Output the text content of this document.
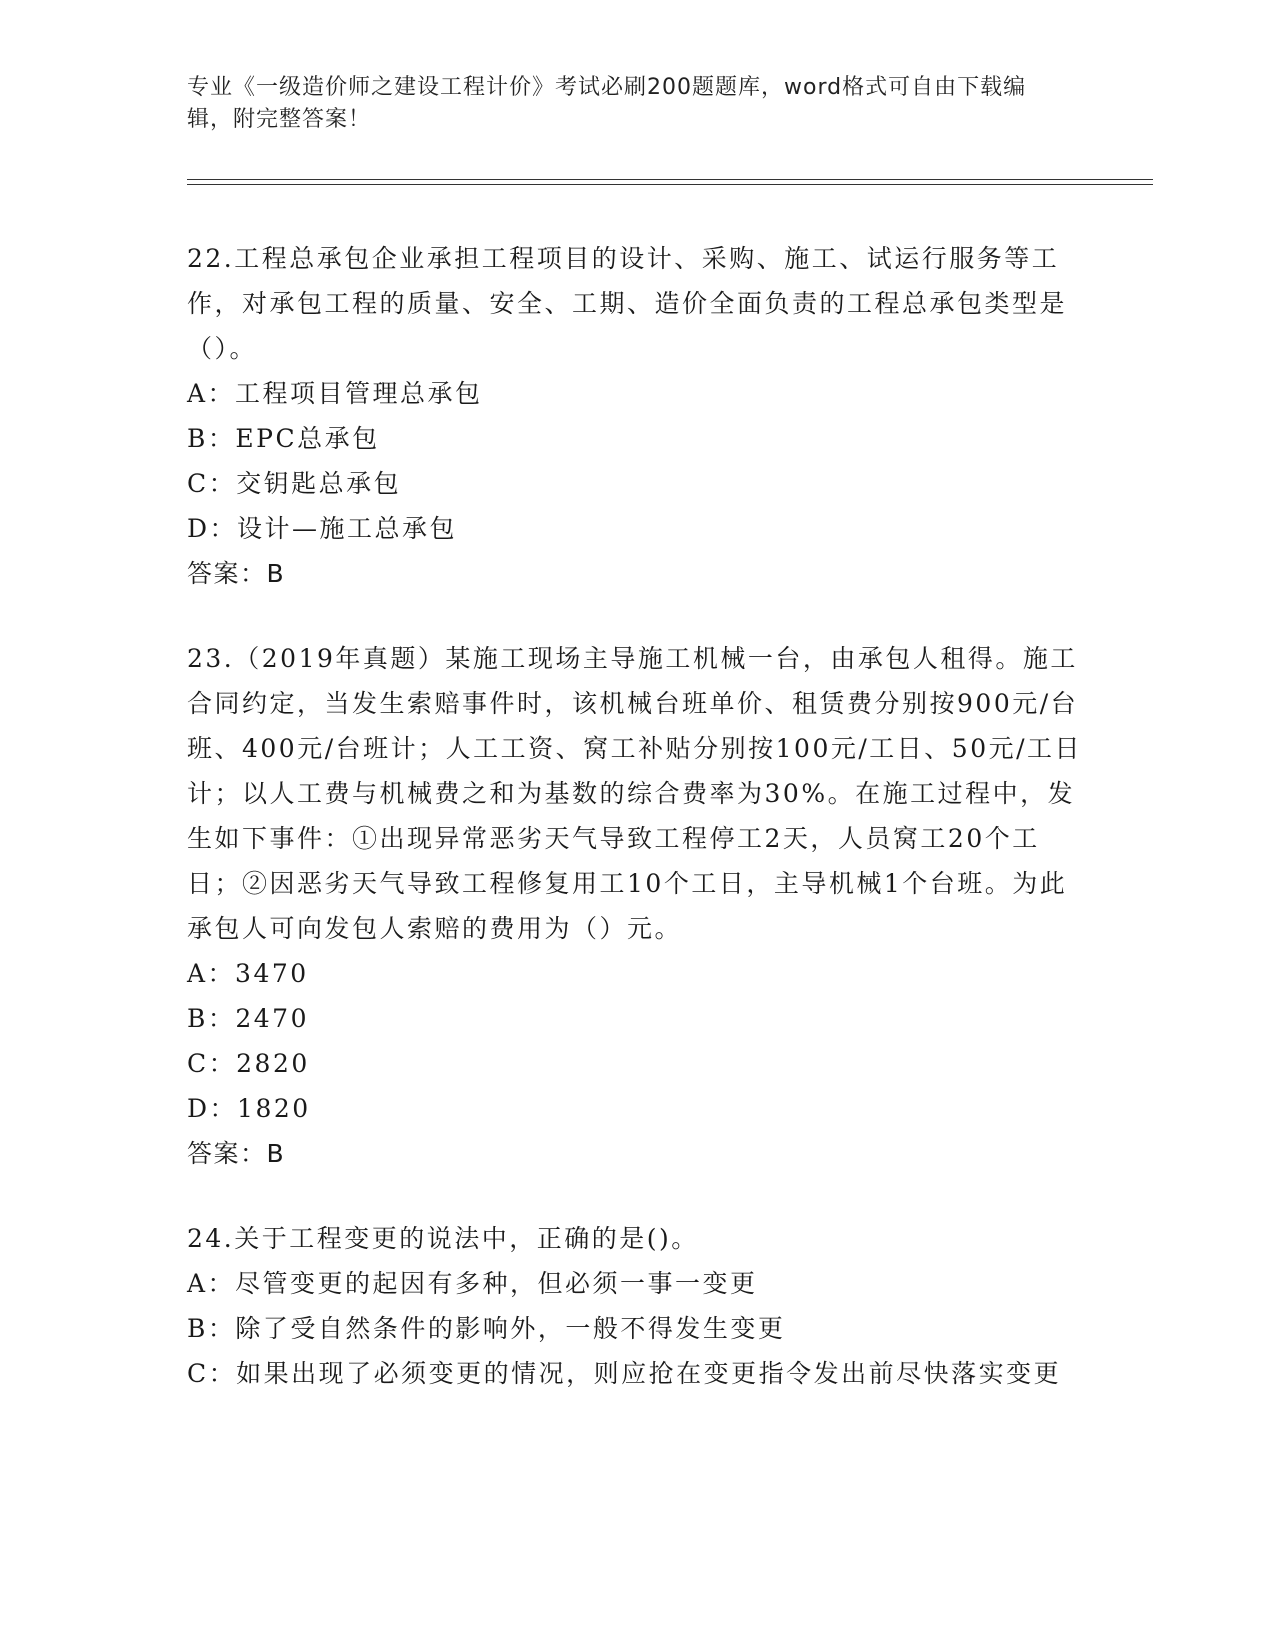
专业《一级造价师之建设工程计价》考试必刷200题题库，word格式可自由下载编辑，附完整答案！

22.工程总承包企业承担工程项目的设计、采购、施工、试运行服务等工作，对承包工程的质量、安全、工期、造价全面负责的工程总承包类型是（）。

A：工程项目管理总承包

B：EPC总承包

C：交钥匙总承包

D：设计—施工总承包

答案：B

23.（2019年真题）某施工现场主导施工机械一台，由承包人租得。施工合同约定，当发生索赔事件时，该机械台班单价、租赁费分别按900元/台班、400元/台班计；人工工资、窝工补贴分别按100元/工日、50元/工日计；以人工费与机械费之和为基数的综合费率为30%。在施工过程中，发生如下事件：①出现异常恶劣天气导致工程停工2天，人员窝工20个工日；②因恶劣天气导致工程修复用工10个工日，主导机械1个台班。为此承包人可向发包人索赔的费用为（）元。

A：3470

B：2470

C：2820

D：1820

答案：B

24.关于工程变更的说法中，正确的是()。

A：尽管变更的起因有多种，但必须一事一变更

B：除了受自然条件的影响外，一般不得发生变更

C：如果出现了必须变更的情况，则应抢在变更指令发出前尽快落实变更
